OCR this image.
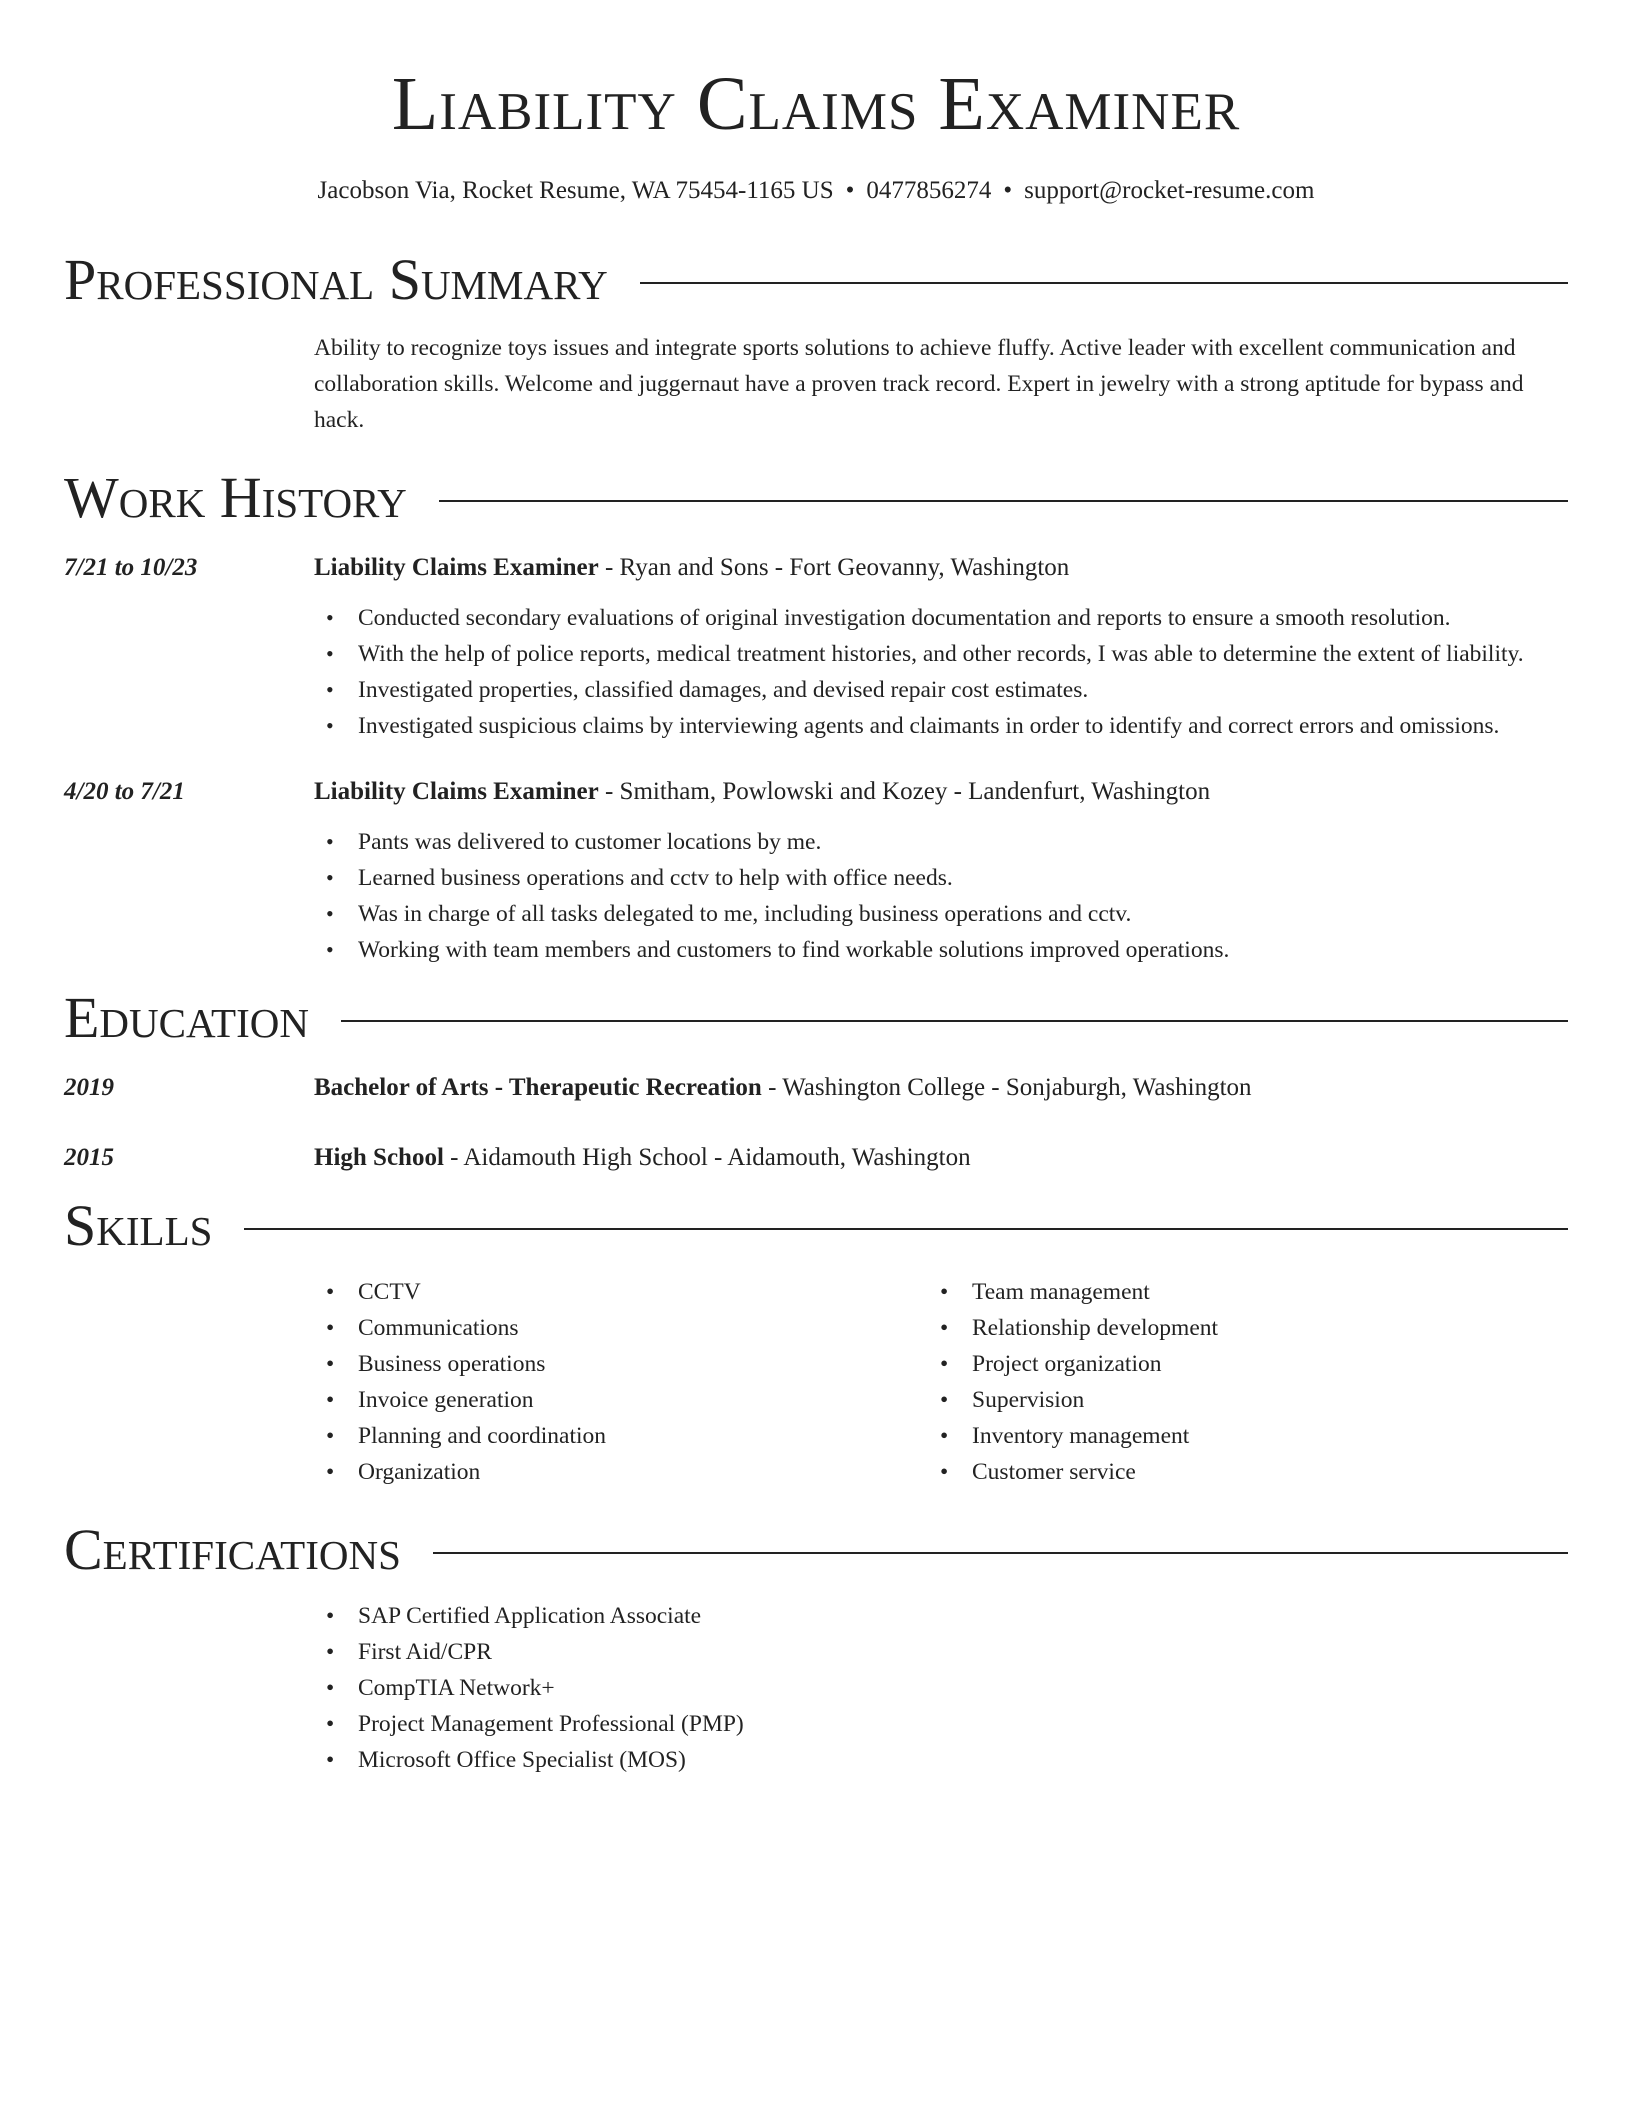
Liability Claims Examiner
Jacobson Via, Rocket Resume, WA 75454-1165 US • 0477856274 • support@rocket-resume.com
Professional Summary

Ability to recognize toys issues and integrate sports solutions to achieve fluffy. Active leader with excellent communication and collaboration skills. Welcome and juggernaut have a proven track record. Expert in jewelry with a strong aptitude for bypass and hack.

Work History
7/21 to 10/23	Liability Claims Examiner - Ryan and Sons - Fort Geovanny, Washington
• Conducted secondary evaluations of original investigation documentation and reports to ensure a smooth resolution.
• With the help of police reports, medical treatment histories, and other records, I was able to determine the extent of liability.
• Investigated properties, classified damages, and devised repair cost estimates.
• Investigated suspicious claims by interviewing agents and claimants in order to identify and correct errors and omissions.
4/20 to 7/21	Liability Claims Examiner - Smitham, Powlowski and Kozey - Landenfurt, Washington
• Pants was delivered to customer locations by me.
• Learned business operations and cctv to help with office needs.
• Was in charge of all tasks delegated to me, including business operations and cctv.
• Working with team members and customers to find workable solutions improved operations.
Education
2019	Bachelor of Arts - Therapeutic Recreation - Washington College - Sonjaburgh, Washington
2015	High School - Aidamouth High School - Aidamouth, Washington
Skills
• CCTV
• Communications
• Business operations
• Invoice generation
• Planning and coordination
• Organization
• Team management
• Relationship development
• Project organization
• Supervision
• Inventory management
• Customer service
Certifications
• SAP Certified Application Associate
• First Aid/CPR
• CompTIA Network+
• Project Management Professional (PMP)
• Microsoft Office Specialist (MOS)
